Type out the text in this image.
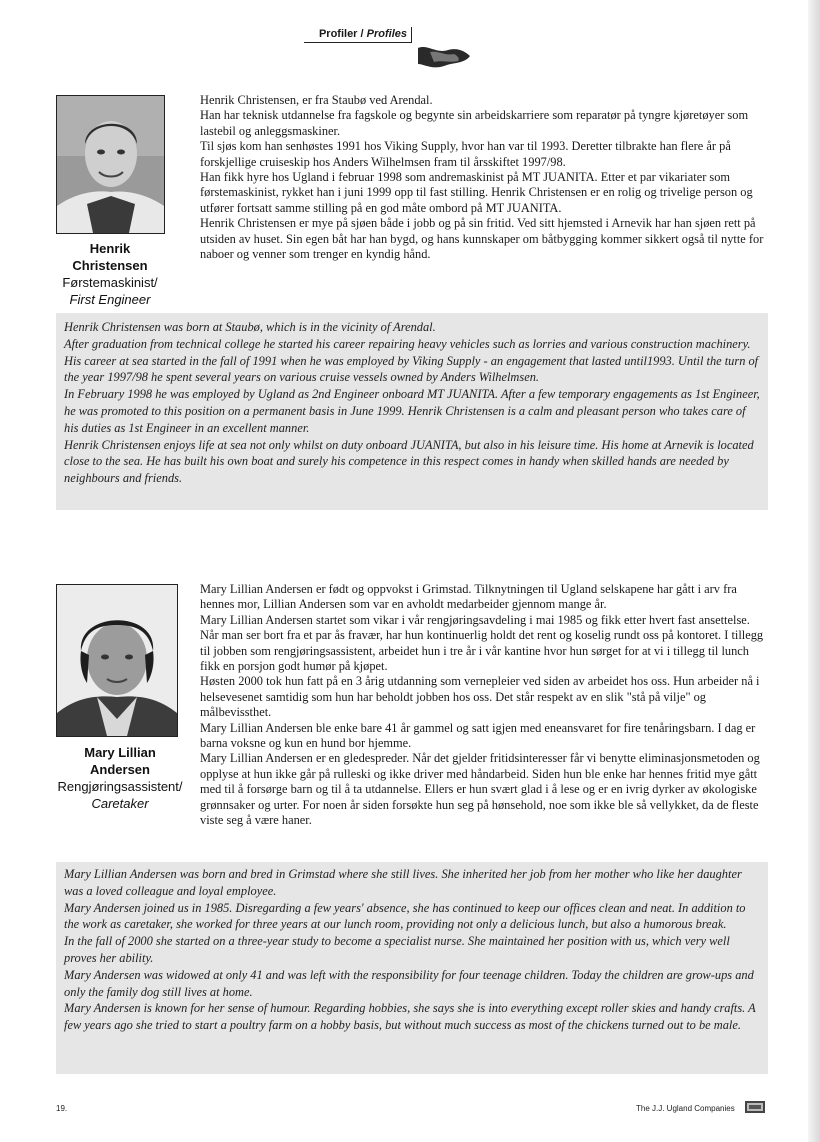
Profiler / Profiles
Henrik
Christensen
Førstemaskinist/
First Engineer

Henrik Christensen, er fra Staubø ved Arendal.

Han har teknisk utdannelse fra fagskole og begynte sin arbeidskarriere som reparatør på tyngre kjøretøyer som lastebil og anleggsmaskiner.

Til sjøs kom han senhøstes 1991 hos Viking Supply, hvor han var til 1993. Deretter tilbrakte han flere år på forskjellige cruiseskip hos Anders Wilhelmsen fram til årsskiftet 1997/98.

Han fikk hyre hos Ugland i februar 1998 som andremaskinist på MT JUANITA. Etter et par vikariater som førstemaskinist, rykket han i juni 1999 opp til fast stilling. Henrik Christensen er en rolig og trivelige person og utfører fortsatt samme stilling på en god måte ombord på MT JUANITA.

Henrik Christensen er mye på sjøen både i jobb og på sin fritid. Ved sitt hjemsted i Arnevik har han sjøen rett på utsiden av huset. Sin egen båt har han bygd, og hans kunnskaper om båtbygging kommer sikkert også til nytte for naboer og venner som trenger en kyndig hånd.

Henrik Christensen was born at Staubø, which is in the vicinity of Arendal.

After graduation from technical college he started his career repairing heavy vehicles such as lorries and various construction machinery.

His career at sea started in the fall of 1991 when he was employed by Viking Supply - an engagement that lasted until1993. Until the turn of the year 1997/98 he spent several years on various cruise vessels owned by Anders Wilhelmsen.

In February 1998 he was employed by Ugland as 2nd Engineer onboard MT JUANITA. After a few temporary engagements as 1st Engineer, he was promoted to this position on a permanent basis in June 1999. Henrik Christensen is a calm and pleasant person who takes care of his duties as 1st Engineer in an excellent manner.

Henrik Christensen enjoys life at sea not only whilst on duty onboard JUANITA, but also in his leisure time. His home at Arnevik is located close to the sea. He has built his own boat and surely his competence in this respect comes in handy when skilled hands are needed by neighbours and friends.

Mary Lillian
Andersen
Rengjøringsassistent/
Caretaker

Mary Lillian Andersen er født og oppvokst i Grimstad. Tilknytningen til Ugland selskapene har gått i arv fra hennes mor, Lillian Andersen som var en avholdt medarbeider gjennom mange år.

Mary Lillian Andersen startet som vikar i vår rengjøringsavdeling i mai 1985 og fikk etter hvert fast ansettelse. Når man ser bort fra et par ås fravær, har hun kontinuerlig holdt det rent og koselig rundt oss på kontoret. I tillegg til jobben som rengjøringsassistent, arbeidet hun i tre år i vår kantine hvor hun sørget for at vi i tillegg til lunch fikk en porsjon godt humør på kjøpet.

Høsten 2000 tok hun fatt på en 3 årig utdanning som vernepleier ved siden av arbeidet hos oss. Hun arbeider nå i helsevesenet samtidig som hun har beholdt jobben hos oss. Det står respekt av en slik "stå på vilje" og målbevissthet.

Mary Lillian Andersen ble enke bare 41 år gammel og satt igjen med eneansvaret for fire tenåringsbarn. I dag er barna voksne og kun en hund bor hjemme.

Mary Lillian Andersen er en gledespreder. Når det gjelder fritidsinteresser får vi benytte eliminasjonsmetoden og opplyse at hun ikke går på rulleski og ikke driver med håndarbeid. Siden hun ble enke har hennes fritid mye gått med til å forsørge barn og til å ta utdannelse. Ellers er hun svært glad i å lese og er en ivrig dyrker av økologiske grønnsaker og urter. For noen år siden forsøkte hun seg på hønsehold, noe som ikke ble så vellykket, da de fleste viste seg å være haner.

Mary Lillian Andersen was born and bred in Grimstad where she still lives. She inherited her job from her mother who like her daughter was a loved colleague and loyal employee.

Mary Andersen joined us in 1985. Disregarding a few years' absence, she has continued to keep our offices clean and neat. In addition to the work as caretaker, she worked for three years at our lunch room, providing not only a delicious lunch, but also a humorous break.

In the fall of 2000 she started on a three-year study to become a specialist nurse. She maintained her position with us, which very well proves her ability.

Mary Andersen was widowed at only 41 and was left with the responsibility for four teenage children. Today the children are grow-ups and only the family dog still lives at home.

Mary Andersen is known for her sense of humour. Regarding hobbies, she says she is into everything except roller skies and handy crafts. A few years ago she tried to start a poultry farm on a hobby basis, but without much success as most of the chickens turned out to be male.

19.	The J.J. Ugland Companies
